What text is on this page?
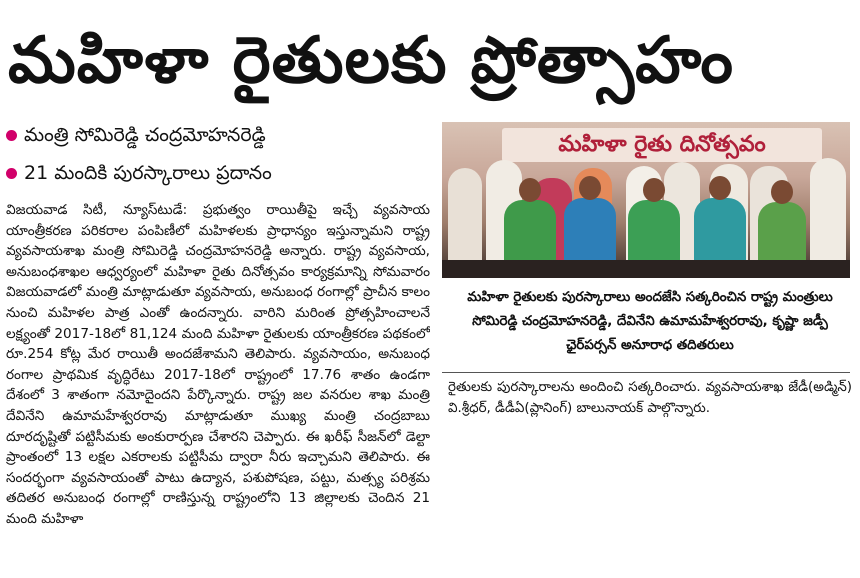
మహిళా రైతులకు ప్రోత్సాహం
మంత్రి సోమిరెడ్డి చంద్రమోహనరెడ్డి
21 మందికి పురస్కారాలు ప్రదానం

విజయవాడ సిటీ, న్యూస్‌టుడే: ప్రభుత్వం రాయితీపై ఇచ్చే వ్యవసాయ యాంత్రీకరణ పరికరాల పంపిణీలో మహిళలకు ప్రాధాన్యం ఇస్తున్నామని రాష్ట్ర వ్యవసాయశాఖ మంత్రి సోమిరెడ్డి చంద్రమోహనరెడ్డి అన్నారు. రాష్ట్ర వ్యవసాయ, అనుబంధశాఖల ఆధ్వర్యంలో మహిళా రైతు దినోత్సవం కార్యక్రమాన్ని సోమవారం విజయవాడలో మంత్రి మాట్లాడుతూ వ్యవసాయ, అనుబంధ రంగాల్లో ప్రాచీన కాలం నుంచి మహిళల పాత్ర ఎంతో ఉందన్నారు. వారిని మరింత ప్రోత్సహించాలనే లక్ష్యంతో 2017-18లో 81,124 మంది మహిళా రైతులకు యాంత్రీకరణ పథకంలో రూ.254 కోట్ల మేర రాయితీ అందజేశామని తెలిపారు. వ్యవసాయం, అనుబంధ రంగాల ప్రాథమిక వృద్ధిరేటు 2017-18లో రాష్ట్రంలో 17.76 శాతం ఉండగా దేశంలో 3 శాతంగా నమోదైందని పేర్కొన్నారు. రాష్ట్ర జల వనరుల శాఖ మంత్రి దేవినేని ఉమామహేశ్వరరావు మాట్లాడుతూ ముఖ్య మంత్రి చంద్రబాబు దూరదృష్టితో పట్టిసీమకు అంకురార్పణ చేశారని చెప్పారు. ఈ ఖరీఫ్ సీజన్‌లో డెల్టా ప్రాంతంలో 13 లక్షల ఎకరాలకు పట్టిసీమ ద్వారా నీరు ఇచ్చామని తెలిపారు. ఈ సందర్భంగా వ్యవసాయంతో పాటు ఉద్యాన, పశుపోషణ, పట్టు, మత్స్య పరిశ్రమ తదితర అనుబంధ రంగాల్లో రాణిస్తున్న రాష్ట్రంలోని 13 జిల్లాలకు చెందిన 21 మంది మహిళా

మహిళా రైతు దినోత్సవం
మహిళా రైతులకు పురస్కారాలు అందజేసి సత్కరించిన రాష్ట్ర మంత్రులు సోమిరెడ్డి చంద్రమోహనరెడ్డి, దేవినేని ఉమామహేశ్వరరావు, కృష్ణా జడ్పీ ఛైర్‌పర్సన్ అనూరాధ తదితరులు
రైతులకు పురస్కారాలను అందించి సత్కరించారు. వ్యవసాయశాఖ జేడీ(అడ్మిన్) వి.శ్రీధర్, డీడీఏ(ప్లానింగ్) బాలునాయక్ పాల్గొన్నారు.
